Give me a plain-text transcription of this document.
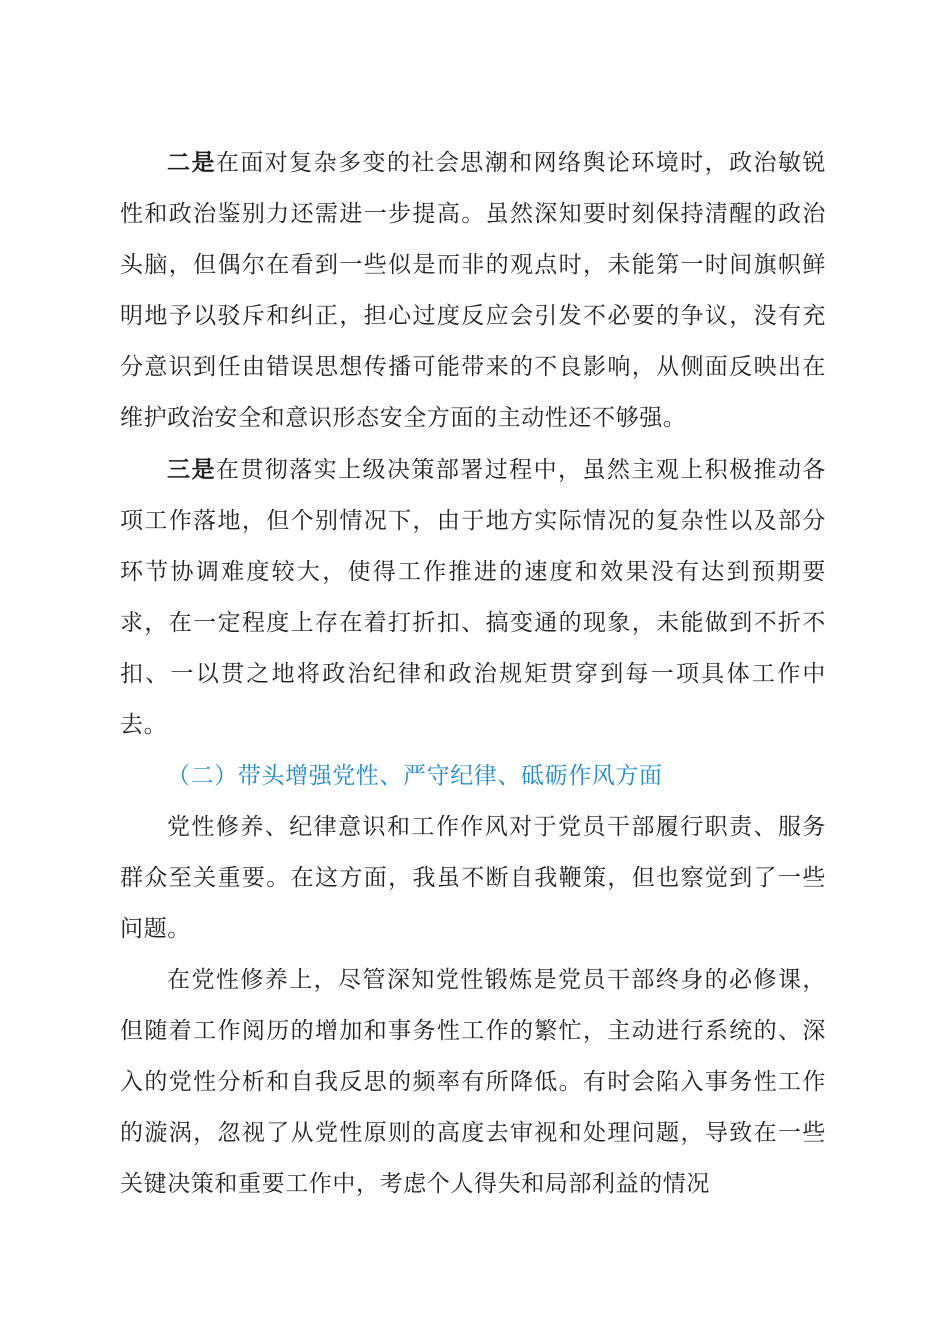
二是在面对复杂多变的社会思潮和网络舆论环境时，政治敏锐性和政治鉴别力还需进一步提高。虽然深知要时刻保持清醒的政治头脑，但偶尔在看到一些似是而非的观点时，未能第一时间旗帜鲜明地予以驳斥和纠正，担心过度反应会引发不必要的争议，没有充分意识到任由错误思想传播可能带来的不良影响，从侧面反映出在维护政治安全和意识形态安全方面的主动性还不够强。

三是在贯彻落实上级决策部署过程中，虽然主观上积极推动各项工作落地，但个别情况下，由于地方实际情况的复杂性以及部分环节协调难度较大，使得工作推进的速度和效果没有达到预期要求，在一定程度上存在着打折扣、搞变通的现象，未能做到不折不扣、一以贯之地将政治纪律和政治规矩贯穿到每一项具体工作中去。

（二）带头增强党性、严守纪律、砥砺作风方面

党性修养、纪律意识和工作作风对于党员干部履行职责、服务群众至关重要。在这方面，我虽不断自我鞭策，但也察觉到了一些问题。

在党性修养上，尽管深知党性锻炼是党员干部终身的必修课，但随着工作阅历的增加和事务性工作的繁忙，主动进行系统的、深入的党性分析和自我反思的频率有所降低。有时会陷入事务性工作的漩涡，忽视了从党性原则的高度去审视和处理问题，导致在一些关键决策和重要工作中，考虑个人得失和局部利益的情况
